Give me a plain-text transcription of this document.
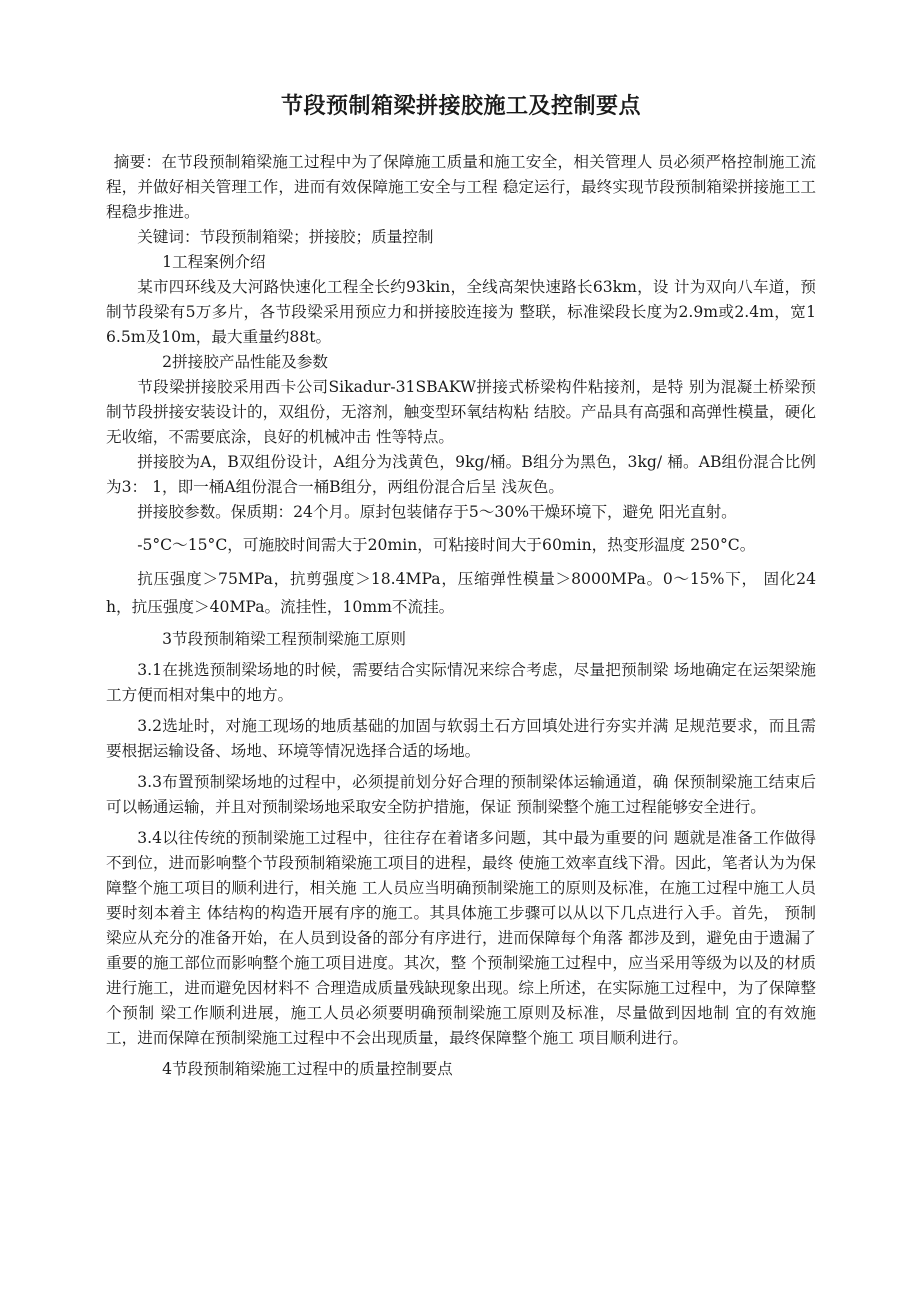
节段预制箱梁拼接胶施工及控制要点

摘要：在节段预制箱梁施工过程中为了保障施工质量和施工安全，相关管理人 员必须严格控制施工流程，并做好相关管理工作，进而有效保障施工安全与工程 稳定运行，最终实现节段预制箱梁拼接施工工程稳步推进。

关键词：节段预制箱梁；拼接胶；质量控制

1工程案例介绍

某市四环线及大河路快速化工程全长约93kin，全线高架快速路长63km，设 计为双向八车道，预制节段梁有5万多片，各节段梁采用预应力和拼接胶连接为 整联，标准梁段长度为2.9m或2.4m，宽16.5m及10m，最大重量约88t。

2拼接胶产品性能及参数

节段梁拼接胶采用西卡公司Sikadur-31SBAKW拼接式桥梁构件粘接剂，是特 别为混凝土桥梁预制节段拼接安装设计的，双组份，无溶剂，触变型环氧结构粘 结胶。产品具有高强和高弹性模量，硬化无收缩，不需要底涂，良好的机械冲击 性等特点。

拼接胶为A，B双组份设计，A组分为浅黄色，9kg/桶。B组分为黑色，3kg/ 桶。AB组份混合比例为3： 1，即一桶A组份混合一桶B组分，两组份混合后呈 浅灰色。

拼接胶参数。保质期：24个月。原封包装储存于5〜30%干燥环境下，避免 阳光直射。

-5°C〜15°C，可施胶时间需大于20min，可粘接时间大于60min，热变形温度 250°C。

抗压强度＞75MPa，抗剪强度＞18.4MPa，压缩弹性模量＞8000MPa。0〜15%下， 固化24h，抗压强度＞40MPa。流挂性，10mm不流挂。

3节段预制箱梁工程预制梁施工原则

3.1在挑选预制梁场地的时候，需要结合实际情况来综合考虑，尽量把预制梁 场地确定在运架梁施工方便而相对集中的地方。

3.2选址时，对施工现场的地质基础的加固与软弱土石方回填处进行夯实并满 足规范要求，而且需要根据运输设备、场地、环境等情况选择合适的场地。

3.3布置预制梁场地的过程中，必须提前划分好合理的预制梁体运输通道，确 保预制梁施工结束后可以畅通运输，并且对预制梁场地采取安全防护措施，保证 预制梁整个施工过程能够安全进行。

3.4以往传统的预制梁施工过程中，往往存在着诸多问题，其中最为重要的问 题就是准备工作做得不到位，进而影响整个节段预制箱梁施工项目的进程，最终 使施工效率直线下滑。因此，笔者认为为保障整个施工项目的顺利进行，相关施 工人员应当明确预制梁施工的原则及标准，在施工过程中施工人员要时刻本着主 体结构的构造开展有序的施工。其具体施工步骤可以从以下几点进行入手。首先， 预制梁应从充分的准备开始，在人员到设备的部分有序进行，进而保障每个角落 都涉及到，避免由于遗漏了重要的施工部位而影响整个施工项目进度。其次，整 个预制梁施工过程中，应当采用等级为以及的材质进行施工，进而避免因材料不 合理造成质量残缺现象出现。综上所述，在实际施工过程中，为了保障整个预制 梁工作顺利进展，施工人员必须要明确预制梁施工原则及标准，尽量做到因地制 宜的有效施工，进而保障在预制梁施工过程中不会出现质量，最终保障整个施工 项目顺利进行。

4节段预制箱梁施工过程中的质量控制要点
